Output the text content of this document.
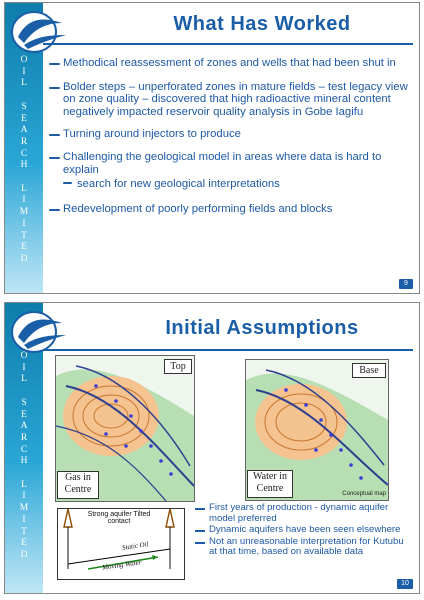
O
I
L

S
E
A
R
C
H

L
I
M
I
T
E
D
What Has Worked
Methodical reassessment of zones and wells that had been shut in
Bolder steps – unperforated zones in mature fields – test legacy view on zone quality – discovered that high radioactive mineral content negatively impacted reservoir quality analysis in Gobe Iagifu
Turning around injectors to produce
Challenging the geological model in areas where data is hard to explain
search for new geological interpretations
Redevelopment of poorly performing fields and blocks
9
O
I
L

S
E
A
R
C
H

L
I
M
I
T
E
D
Initial Assumptions
Top
Gas in Centre
Base
Water in Centre	Conceptual map
Strong aquifer Tilted contact
Static Oil
Moving Water
First years of production - dynamic aquifer model preferred
Dynamic aquifers have been seen elsewhere
Not an unreasonable interpretation for Kutubu at that time, based on available data
10
